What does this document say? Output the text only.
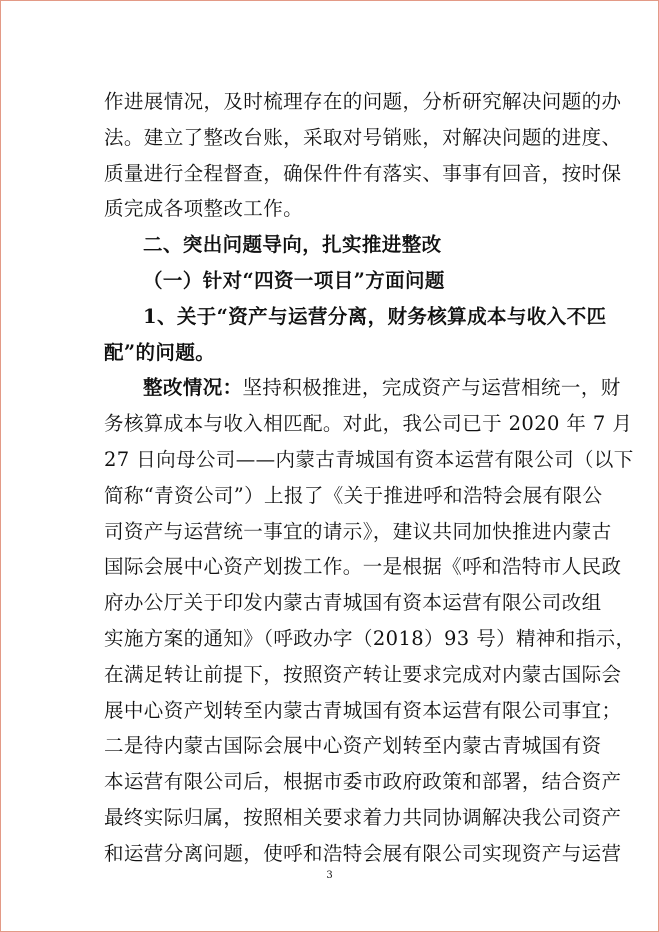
作进展情况，及时梳理存在的问题，分析研究解决问题的办
法。建立了整改台账，采取对号销账，对解决问题的进度、
质量进行全程督查，确保件件有落实、事事有回音，按时保
质完成各项整改工作。
二、突出问题导向，扎实推进整改
（一）针对“四资一项目”方面问题
1、关于“资产与运营分离，财务核算成本与收入不匹
配”的问题。
整改情况：坚持积极推进，完成资产与运营相统一，财
务核算成本与收入相匹配。对此，我公司已于 2020 年 7 月
27 日向母公司——内蒙古青城国有资本运营有限公司（以下
简称“青资公司”）上报了《关于推进呼和浩特会展有限公
司资产与运营统一事宜的请示》，建议共同加快推进内蒙古
国际会展中心资产划拨工作。一是根据《呼和浩特市人民政
府办公厅关于印发内蒙古青城国有资本运营有限公司改组
实施方案的通知》（呼政办字（2018）93 号）精神和指示，
在满足转让前提下，按照资产转让要求完成对内蒙古国际会
展中心资产划转至内蒙古青城国有资本运营有限公司事宜；
二是待内蒙古国际会展中心资产划转至内蒙古青城国有资
本运营有限公司后，根据市委市政府政策和部署，结合资产
最终实际归属，按照相关要求着力共同协调解决我公司资产
和运营分离问题，使呼和浩特会展有限公司实现资产与运营
3
